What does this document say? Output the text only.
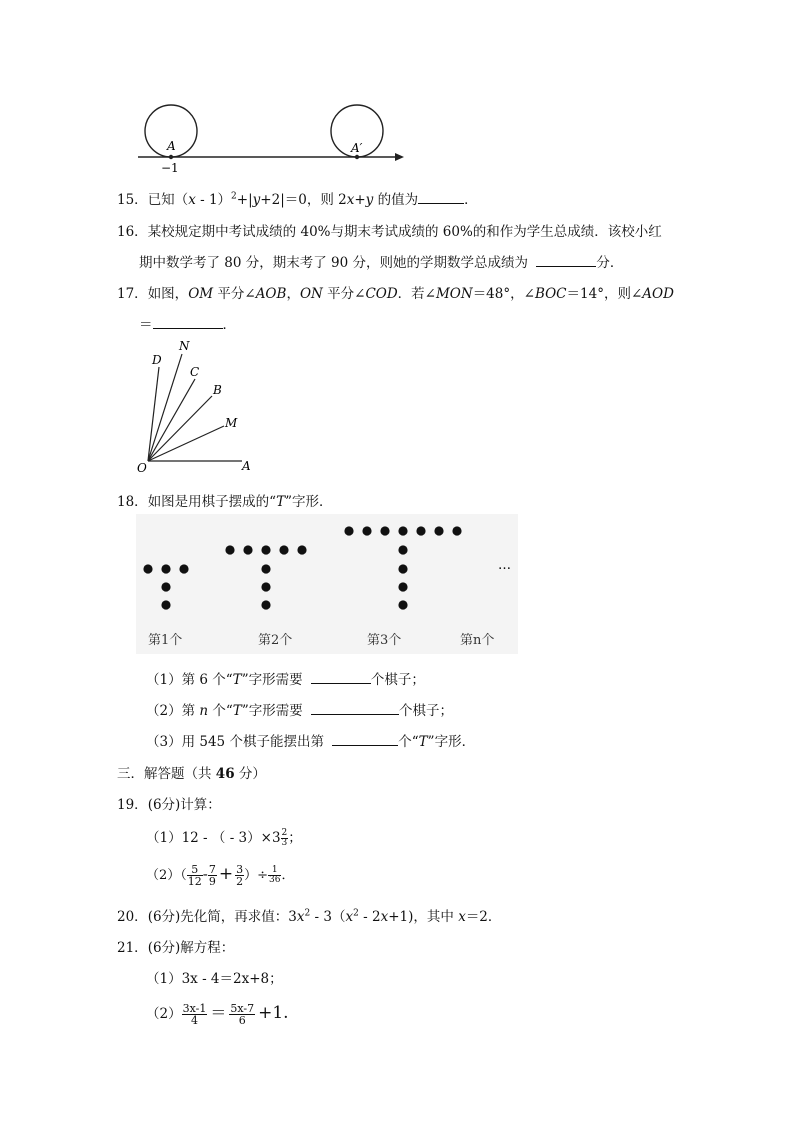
A	A′
−1
15．已知（x - 1）$^2$+|y+2|＝0，则 2x+y 的值为	．
16．某校规定期中考试成绩的 40%与期末考试成绩的 60%的和作为学生总成绩．该校小红
期中数学考了 80 分，期末考了 90 分，则她的学期数学总成绩为	分．
17．如图，OM 平分∠AOB，ON 平分∠COD．若∠MON＝48°，∠BOC＝14°，则∠AOD
＝	．
D
N
C
B
M
O	A
18．如图是用棋子摆成的“T”字形．
…
第1个	第2个	第3个	第n个
（1）第 6 个“T”字形需要	个棋子；
（2）第 n 个“T”字形需要	个棋子；
（3）用 545 个棋子能摆出第	个“T”字形．
三．解答题（共 46 分）
19．(6分)计算：
（1）12 - （ - $3)\times 3 \frac{2}{3}$ ；
$(2)( \frac{5}{12} - \frac{7}{9} + \frac{3}{2}$ ）÷ $\frac{1}{36}$ ．
20．(6分)先化简，再求值：$3x^2 - 3(x^2 - 2x+1)$，其中 x＝2．
21．(6分)解方程：
（1）3x - 4＝2x+8；
$(2) \frac{3x-1}{4} = \frac{5x-7}{6} +1$.
